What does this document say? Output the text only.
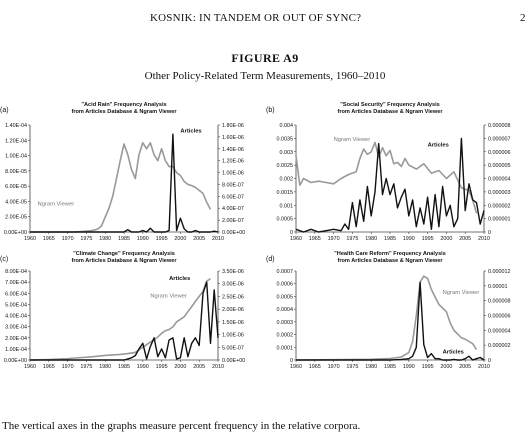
KOSNIK: IN TANDEM OR OUT OF SYNC?	2
FIGURE A9
Other Policy-Related Term Measurements, 1960–2010
(a)
"Acid Rain" Frequency Analysis
from Articles Database & Ngram Viewer
1960 1965 1970 1975 1980 1985 1990 1995 2000 2005 2010
0.00E+00
2.00E-05
4.00E-05
6.00E-05
8.00E-05
1.00E-04
1.20E-04
1.40E-04
0.00E+00
2.00E-07
4.00E-07
6.00E-07
8.00E-07
1.00E-06
1.20E-06
1.40E-06
1.60E-06
1.80E-06
Articles
Ngram Viewer
(b)
"Social Security" Frequency Analysis
from Articles Database & Ngram Viewer
1960 1965 1970 1975 1980 1985 1990 1995 2000 2005 2010
0
0.0005
0.001
0.0015
0.002
0.0025
0.003
0.0035
0.004
0
0.000001
0.000002
0.000003
0.000004
0.000005
0.000006
0.000007
0.000008
Ngram Viewer
Articles
(c)
"Climate Change" Frequency Analysis
from Articles Database & Ngram Viewer
1960 1965 1970 1975 1980 1985 1990 1995 2000 2005 2010
0.00E+00
1.00E-04
2.00E-04
3.00E-04
4.00E-04
5.00E-04
6.00E-04
7.00E-04
8.00E-04
0.00E+00
5.00E-07
1.00E-06
1.50E-06
2.00E-06
2.50E-06
3.00E-06
3.50E-06
Articles
Ngram Viewer
(d)
"Health Care Reform" Frequency Analysis
from Articles Database & Ngram Viewer
1960 1965 1970 1975 1980 1985 1990 1995 2000 2005 2010
0
0.0001
0.0002
0.0003
0.0004
0.0005
0.0006
0.0007
0
0.000002
0.000004
0.000006
0.000008
0.00001
0.000012
Ngram Viewer
Articles
The vertical axes in the graphs measure percent frequency in the relative corpora.
